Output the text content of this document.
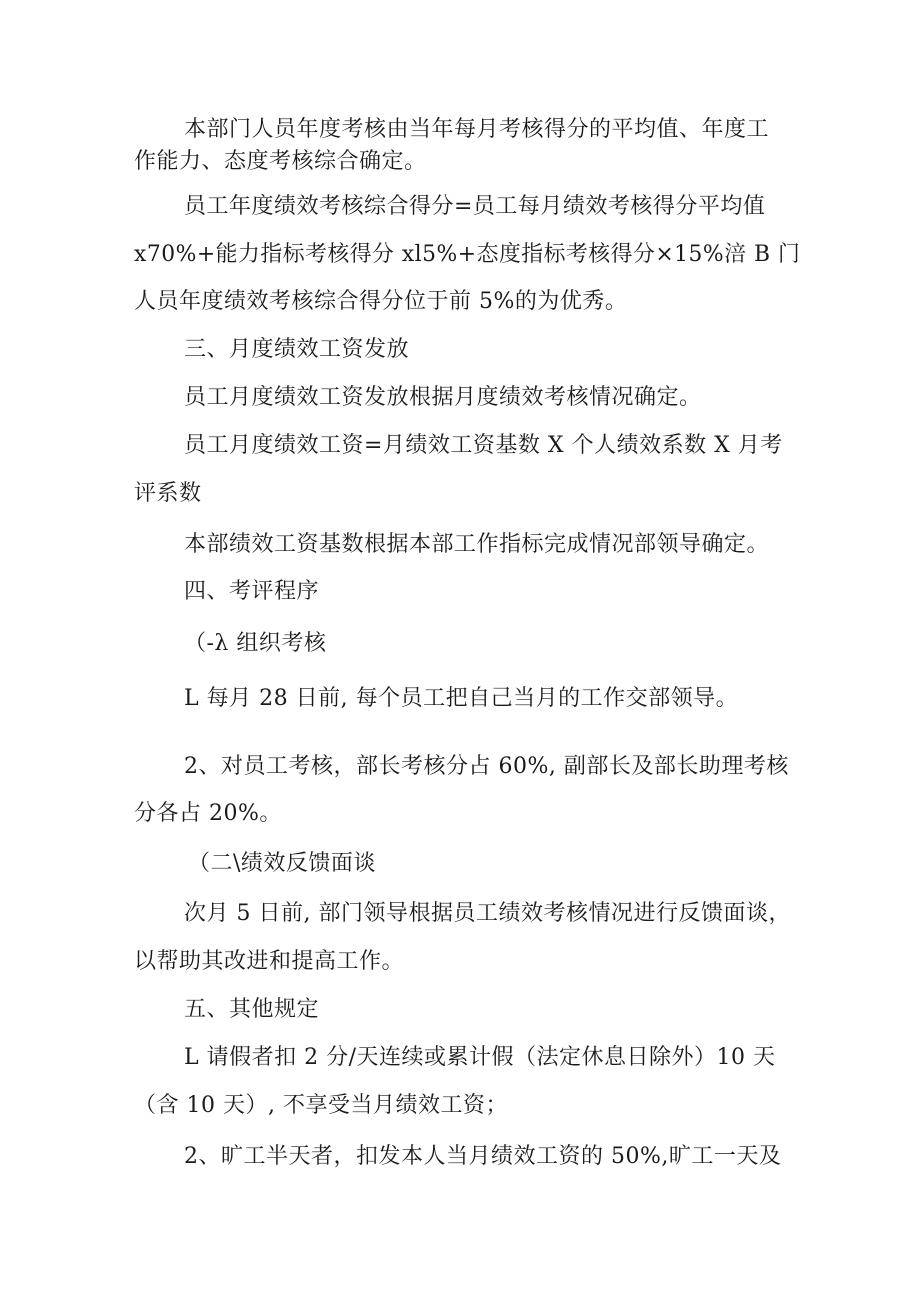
本部门人员年度考核由当年每月考核得分的平均值、年度工
作能力、态度考核综合确定。
员工年度绩效考核综合得分=员工每月绩效考核得分平均值
x70%+能力指标考核得分 xl5%+态度指标考核得分×15%涪 B 门
人员年度绩效考核综合得分位于前 5%的为优秀。
三、月度绩效工资发放
员工月度绩效工资发放根据月度绩效考核情况确定。
员工月度绩效工资=月绩效工资基数 X 个人绩效系数 X 月考
评系数
本部绩效工资基数根据本部工作指标完成情况部领导确定。
四、考评程序
（-λ 组织考核
L 每月 28 日前, 每个员工把自己当月的工作交部领导。
2、对员工考核，部长考核分占 60%, 副部长及部长助理考核
分各占 20%。
（二\绩效反馈面谈
次月 5 日前, 部门领导根据员工绩效考核情况进行反馈面谈，
以帮助其改进和提高工作。
五、其他规定
L 请假者扣 2 分/天连续或累计假（法定休息日除外）10 天
（含 10 天）, 不享受当月绩效工资；
2、旷工半天者，扣发本人当月绩效工资的 50%,旷工一天及
